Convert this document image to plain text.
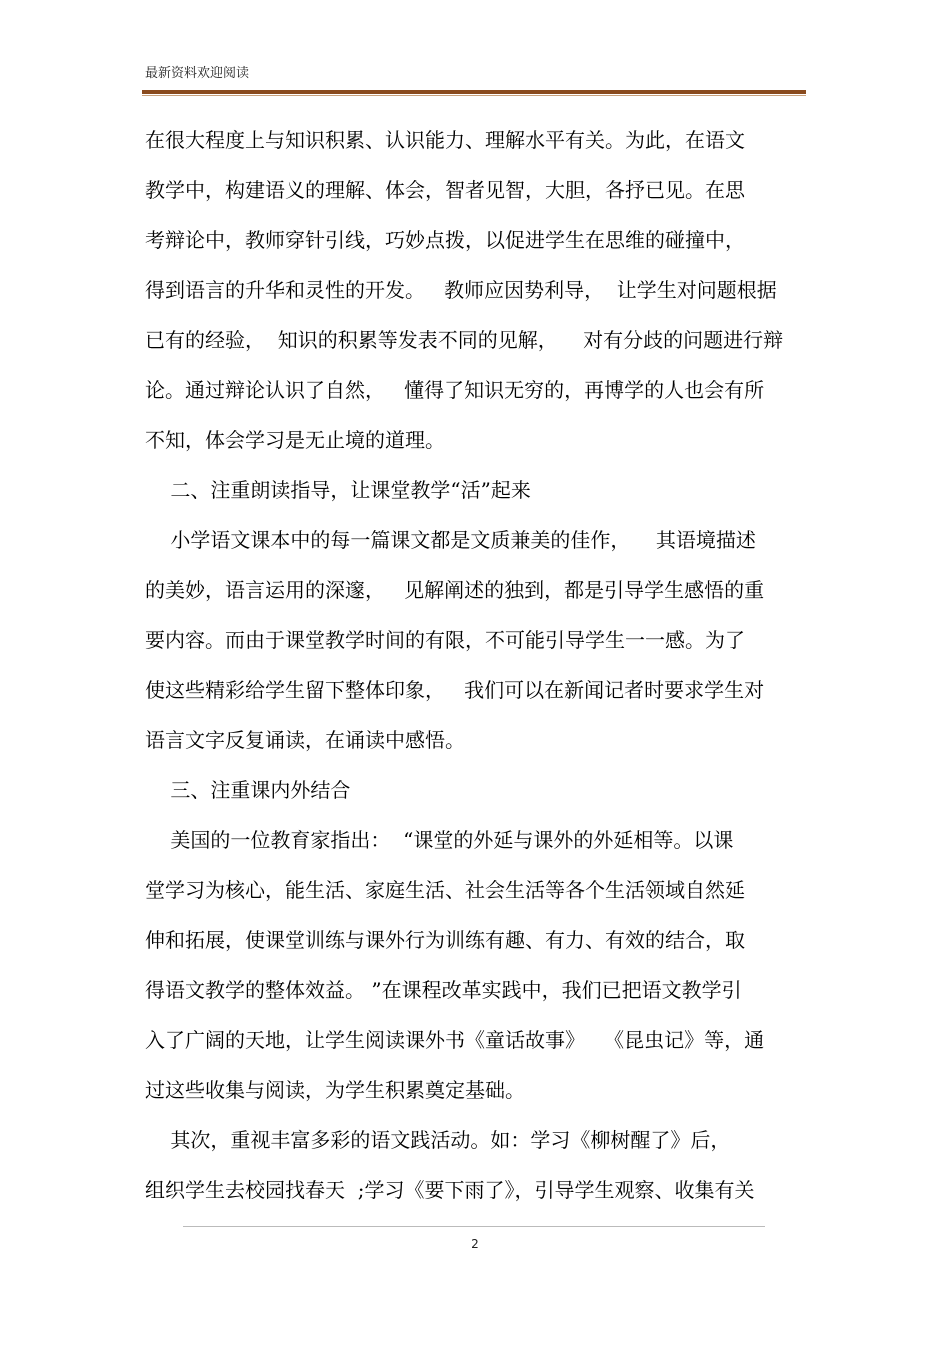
最新资料欢迎阅读
在很大程度上与知识积累、认识能力、理解水平有关。为此，在语文
教学中，构建语义的理解、体会，智者见智，大胆，各抒已见。在思
考辩论中，教师穿针引线，巧妙点拨，以促进学生在思维的碰撞中，
得到语言的升华和灵性的开发。   教师应因势利导，  让学生对问题根据
已有的经验，  知识的积累等发表不同的见解，    对有分歧的问题进行辩
论。通过辩论认识了自然，   懂得了知识无穷的，再博学的人也会有所
不知，体会学习是无止境的道理。
二、注重朗读指导，让课堂教学“活”起来
小学语文课本中的每一篇课文都是文质兼美的佳作，    其语境描述
的美妙，语言运用的深邃，   见解阐述的独到，都是引导学生感悟的重
要内容。而由于课堂教学时间的有限，不可能引导学生一一感。为了
使这些精彩给学生留下整体印象，   我们可以在新闻记者时要求学生对
语言文字反复诵读，在诵读中感悟。
三、注重课内外结合
美国的一位教育家指出：  “课堂的外延与课外的外延相等。以课
堂学习为核心，能生活、家庭生活、社会生活等各个生活领域自然延
伸和拓展，使课堂训练与课外行为训练有趣、有力、有效的结合，取
得语文教学的整体效益。 ”在课程改革实践中，我们已把语文教学引
入了广阔的天地，让学生阅读课外书《童话故事》   《昆虫记》等，通
过这些收集与阅读，为学生积累奠定基础。
其次，重视丰富多彩的语文践活动。如：学习《柳树醒了》后，
组织学生去校园找春天  ;学习《要下雨了》，引导学生观察、收集有关
2
